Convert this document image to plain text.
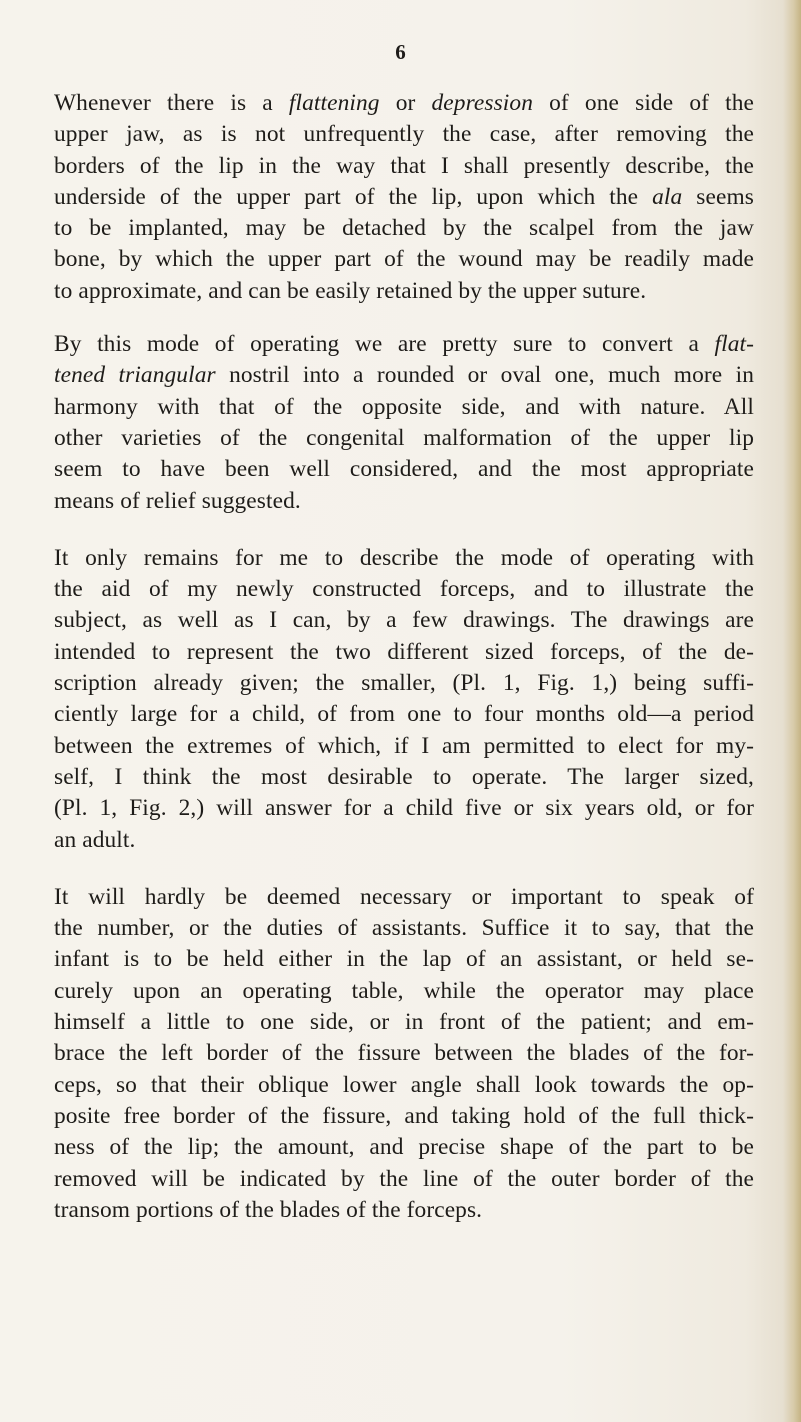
6

Whenever there is a flattening or depression of one side of the
upper jaw, as is not unfrequently the case, after removing the
borders of the lip in the way that I shall presently describe, the
underside of the upper part of the lip, upon which the ala seems
to be implanted, may be detached by the scalpel from the jaw
bone, by which the upper part of the wound may be readily made
to approximate, and can be easily retained by the upper suture.

By this mode of operating we are pretty sure to convert a flat-
tened triangular nostril into a rounded or oval one, much more in
harmony with that of the opposite side, and with nature. All
other varieties of the congenital malformation of the upper lip
seem to have been well considered, and the most appropriate
means of relief suggested.

It only remains for me to describe the mode of operating with
the aid of my newly constructed forceps, and to illustrate the
subject, as well as I can, by a few drawings. The drawings are
intended to represent the two different sized forceps, of the de-
scription already given; the smaller, (Pl. 1, Fig. 1,) being suffi-
ciently large for a child, of from one to four months old—a period
between the extremes of which, if I am permitted to elect for my-
self, I think the most desirable to operate. The larger sized,
(Pl. 1, Fig. 2,) will answer for a child five or six years old, or for
an adult.

It will hardly be deemed necessary or important to speak of
the number, or the duties of assistants. Suffice it to say, that the
infant is to be held either in the lap of an assistant, or held se-
curely upon an operating table, while the operator may place
himself a little to one side, or in front of the patient; and em-
brace the left border of the fissure between the blades of the for-
ceps, so that their oblique lower angle shall look towards the op-
posite free border of the fissure, and taking hold of the full thick-
ness of the lip; the amount, and precise shape of the part to be
removed will be indicated by the line of the outer border of the
transom portions of the blades of the forceps.
